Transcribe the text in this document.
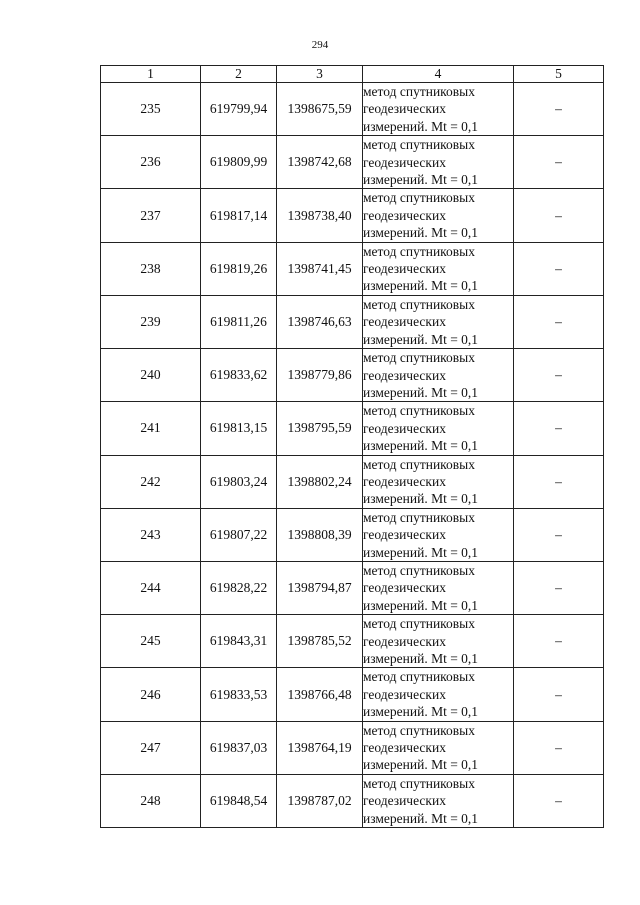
294
1	2	3	4	5
235	619799,94	1398675,59	метод спутниковых
геодезических
измерений. Mt = 0,1	–
236	619809,99	1398742,68	метод спутниковых
геодезических
измерений. Mt = 0,1	–
237	619817,14	1398738,40	метод спутниковых
геодезических
измерений. Mt = 0,1	–
238	619819,26	1398741,45	метод спутниковых
геодезических
измерений. Mt = 0,1	–
239	619811,26	1398746,63	метод спутниковых
геодезических
измерений. Mt = 0,1	–
240	619833,62	1398779,86	метод спутниковых
геодезических
измерений. Mt = 0,1	–
241	619813,15	1398795,59	метод спутниковых
геодезических
измерений. Mt = 0,1	–
242	619803,24	1398802,24	метод спутниковых
геодезических
измерений. Mt = 0,1	–
243	619807,22	1398808,39	метод спутниковых
геодезических
измерений. Mt = 0,1	–
244	619828,22	1398794,87	метод спутниковых
геодезических
измерений. Mt = 0,1	–
245	619843,31	1398785,52	метод спутниковых
геодезических
измерений. Mt = 0,1	–
246	619833,53	1398766,48	метод спутниковых
геодезических
измерений. Mt = 0,1	–
247	619837,03	1398764,19	метод спутниковых
геодезических
измерений. Mt = 0,1	–
248	619848,54	1398787,02	метод спутниковых
геодезических
измерений. Mt = 0,1	–
